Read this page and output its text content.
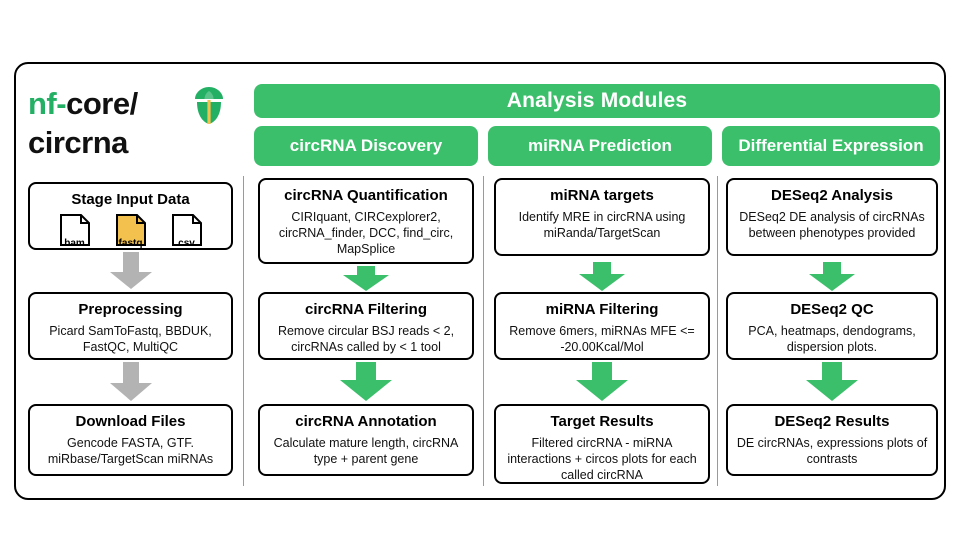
nf-core/
circrna
Analysis Modules
circRNA Discovery	miRNA Prediction	Differential Expression
Stage Input Data
bam	fastq	csv
Preprocessing
Picard SamToFastq, BBDUK, FastQC, MultiQC
Download Files
Gencode FASTA, GTF. miRbase/TargetScan miRNAs
circRNA Quantification
CIRIquant, CIRCexplorer2, circRNA_finder, DCC, find_circ, MapSplice
circRNA Filtering
Remove circular BSJ reads < 2, circRNAs called by < 1 tool
circRNA Annotation
Calculate mature length, circRNA type + parent gene
miRNA targets
Identify MRE in circRNA using miRanda/TargetScan
miRNA Filtering
Remove 6mers, miRNAs MFE <= -20.00Kcal/Mol
Target Results
Filtered circRNA - miRNA interactions + circos plots for each called circRNA
DESeq2 Analysis
DESeq2 DE analysis of circRNAs between phenotypes provided
DESeq2 QC
PCA, heatmaps, dendograms, dispersion plots.
DESeq2 Results
DE circRNAs, expressions plots of contrasts
